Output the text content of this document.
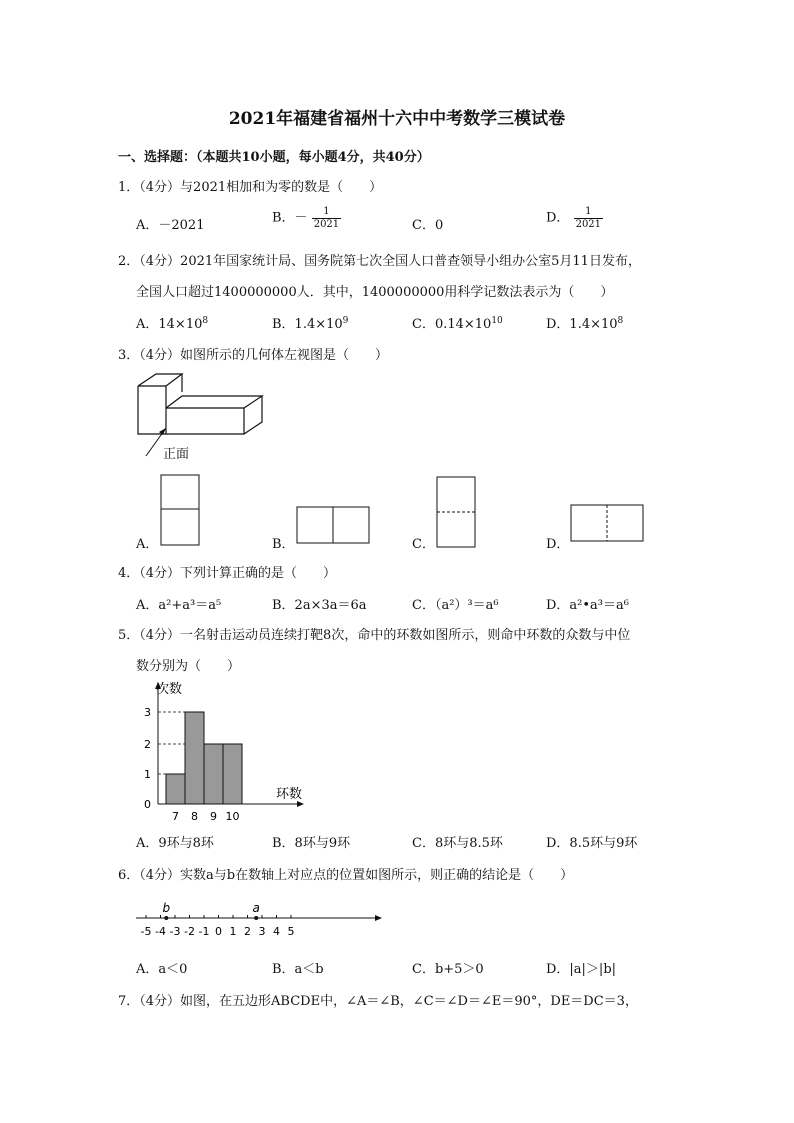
2021年福建省福州十六中中考数学三模试卷
一、选择题：（本题共10小题，每小题4分，共40分）
1．（4分）与2021相加和为零的数是（　　）
A．－2021	B．－ $\frac{1}{2021}$	C．0	D． $\frac{1}{2021}$
2．（4分）2021年国家统计局、国务院第七次全国人口普查领导小组办公室5月11日发布，
全国人口超过1400000000人．其中，1400000000用科学记数法表示为（　　）
A．$14\times 10^8$	B．$1.4\times 10^9$	C．$0.14\times 10^{10}$	D．$1.4\times 10^8$
3．（4分）如图所示的几何体左视图是（　　）
正面
A．	B．	C．	D．
4．（4分）下列计算正确的是（　　）
A．a²+a³＝a⁵	B．2a×3a＝6a	C．（a²）³＝a⁶	D．a²•a³＝a⁶
5．（4分）一名射击运动员连续打靶8次，命中的环数如图所示，则命中环数的众数与中位
数分别为（　　）
次数
环数
0
1
2
3
7 8 9 10
A．9环与8环	B．8环与9环	C．8环与8.5环	D．8.5环与9环
6．（4分）实数a与b在数轴上对应点的位置如图所示，则正确的结论是（　　）
-5 -4 -3 -2 -1 0 1 2 3 4 5
b	a
A．a＜0	B．a＜b	C．b+5＞0	D．|a|＞|b|
7．（4分）如图，在五边形ABCDE中，∠A＝∠B，∠C＝∠D＝∠E＝90°，DE＝DC＝3，
